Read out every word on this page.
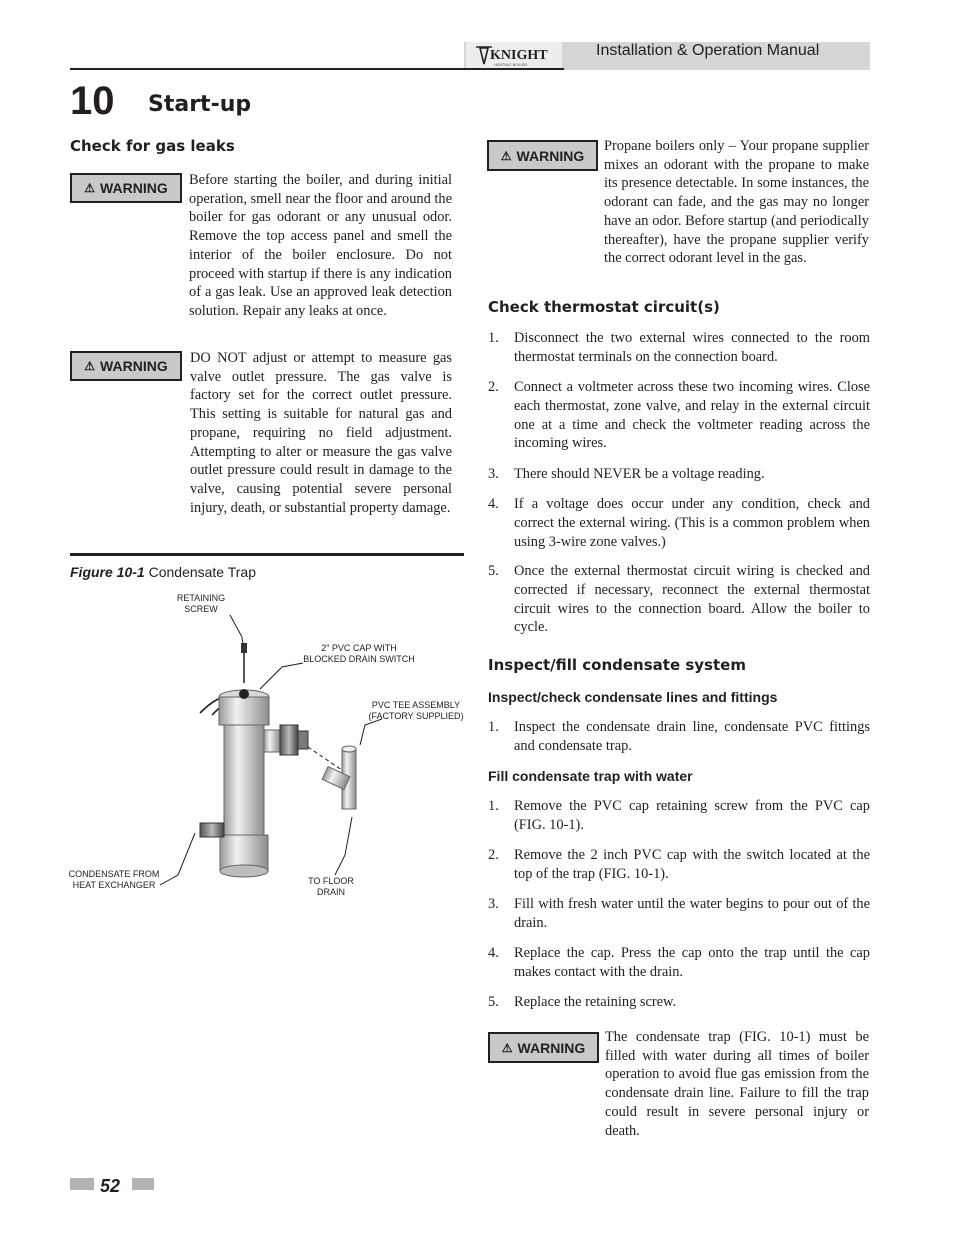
KNIGHT
HEATING BOILER
Installation & Operation Manual
10 Start-up
Check for gas leaks
⚠ WARNING Before starting the boiler, and during initial operation, smell near the floor and around the boiler for gas odorant or any unusual odor. Remove the top access panel and smell the interior of the boiler enclosure. Do not proceed with startup if there is any indication of a gas leak. Use an approved leak detection solution. Repair any leaks at once.
⚠ WARNING DO NOT adjust or attempt to measure gas valve outlet pressure. The gas valve is factory set for the correct outlet pressure. This setting is suitable for natural gas and propane, requiring no field adjustment. Attempting to alter or measure the gas valve outlet pressure could result in damage to the valve, causing potential severe personal injury, death, or substantial property damage.
Figure 10-1 Condensate Trap
RETAINING
SCREW
2" PVC CAP WITH
BLOCKED DRAIN SWITCH
PVC TEE ASSEMBLY
(FACTORY SUPPLIED)
CONDENSATE FROM
HEAT EXCHANGER	TO FLOOR
DRAIN
⚠ WARNING
Propane boilers only – Your propane supplier mixes an odorant with the propane to make its presence detectable. In some instances, the odorant can fade, and the gas may no longer have an odor. Before startup (and periodically thereafter), have the propane supplier verify the correct odorant level in the gas.
Check thermostat circuit(s)
1. Disconnect the two external wires connected to the room thermostat terminals on the connection board.
2. Connect a voltmeter across these two incoming wires. Close each thermostat, zone valve, and relay in the external circuit one at a time and check the voltmeter reading across the incoming wires.
3. There should NEVER be a voltage reading.
4. If a voltage does occur under any condition, check and correct the external wiring. (This is a common problem when using 3-wire zone valves.)
5. Once the external thermostat circuit wiring is checked and corrected if necessary, reconnect the external thermostat circuit wires to the connection board. Allow the boiler to cycle.
Inspect/fill condensate system
Inspect/check condensate lines and fittings
1. Inspect the condensate drain line, condensate PVC fittings and condensate trap.
Fill condensate trap with water
1. Remove the PVC cap retaining screw from the PVC cap (FIG. 10-1).
2. Remove the 2 inch PVC cap with the switch located at the top of the trap (FIG. 10-1).
3. Fill with fresh water until the water begins to pour out of the drain.
4. Replace the cap. Press the cap onto the trap until the cap makes contact with the drain.
5. Replace the retaining screw.
⚠ WARNING
The condensate trap (FIG. 10-1) must be filled with water during all times of boiler operation to avoid flue gas emission from the condensate drain line. Failure to fill the trap could result in severe personal injury or death.
52
